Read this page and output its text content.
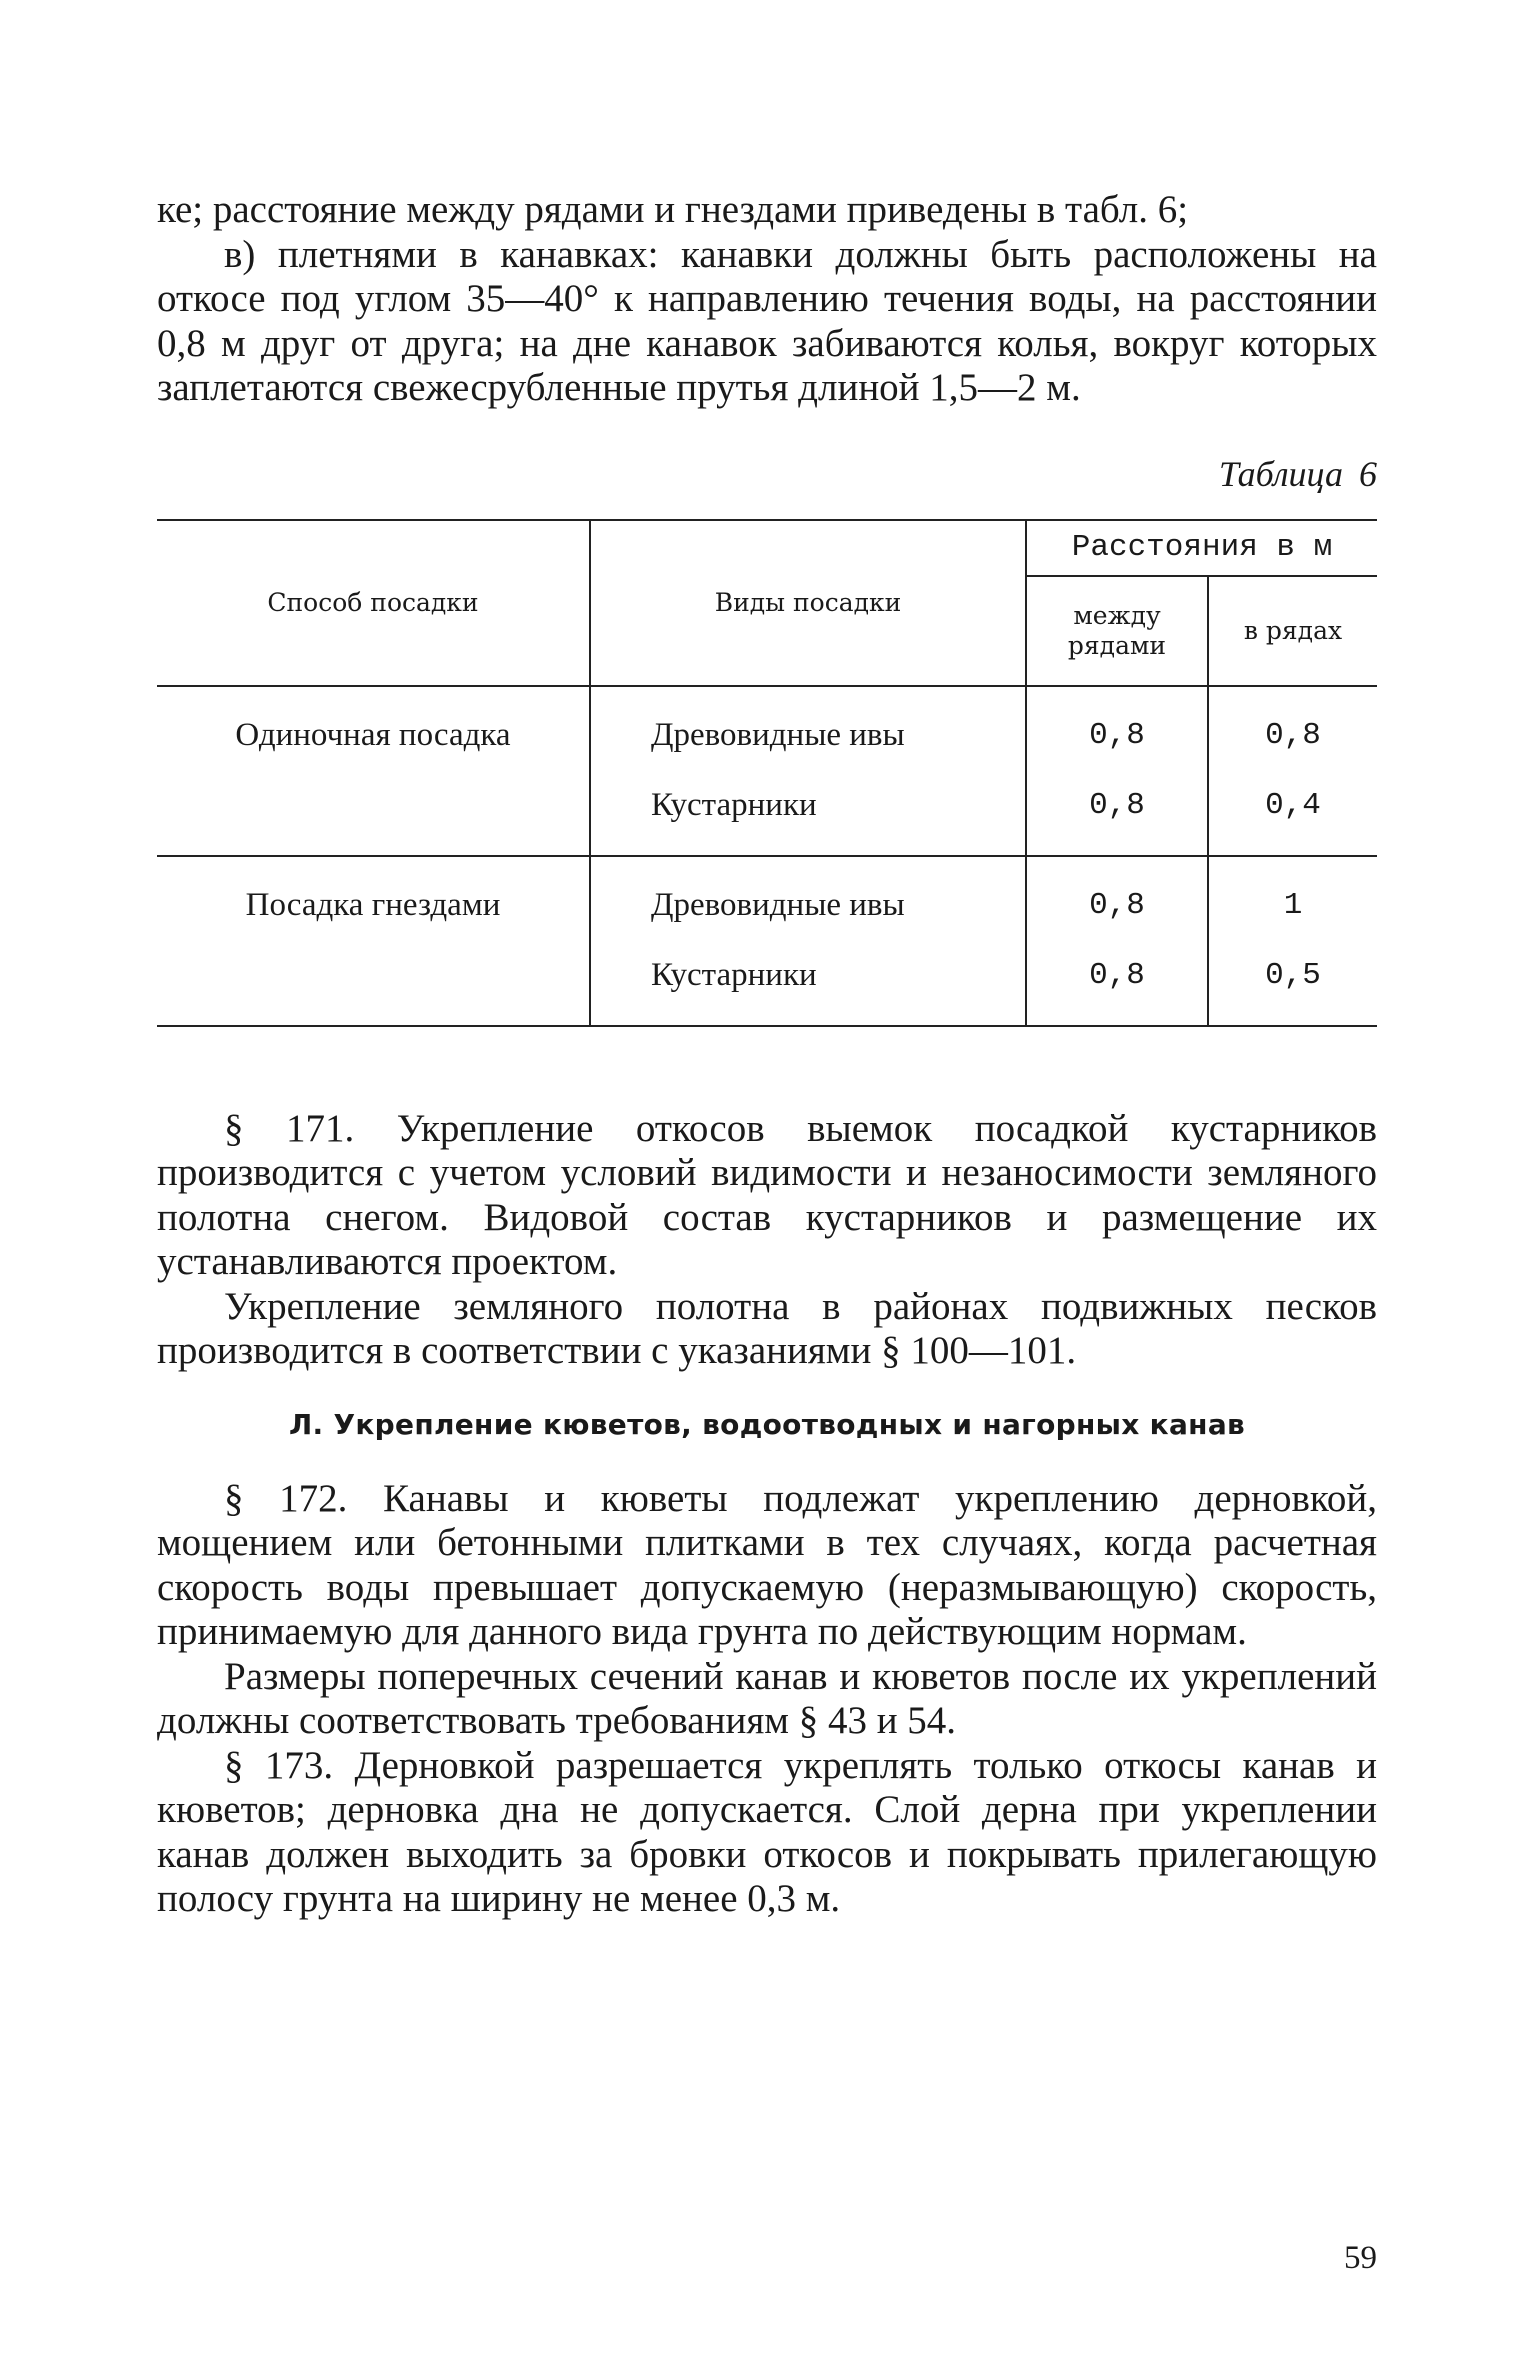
ке; расстояние между рядами и гнездами приведены в табл. 6;

в) плетнями в канавках: канавки должны быть расположены на откосе под углом 35—40° к направлению течения воды, на расстоянии 0,8 м друг от друга; на дне канавок забиваются колья, вокруг которых заплетаются свежесрубленные прутья длиной 1,5—2 м.

Таблица 6
Способ посадки	Виды посадки	Расстояния в м	
		между рядами	в рядах
Одиночная посадка	Древовидные ивы	0,8	0,8
	Кустарники	0,8	0,4
Посадка гнездами	Древовидные ивы	0,8	1
	Кустарники	0,8	0,5

§ 171. Укрепление откосов выемок посадкой кустарников производится с учетом условий видимости и незаносимости земляного полотна снегом. Видовой состав кустарников и размещение их устанавливаются проектом.

Укрепление земляного полотна в районах подвижных песков производится в соответствии с указаниями § 100—101.

Л. Укрепление кюветов, водоотводных и нагорных канав

§ 172. Канавы и кюветы подлежат укреплению дерновкой, мощением или бетонными плитками в тех случаях, когда расчетная скорость воды превышает допускаемую (неразмывающую) скорость, принимаемую для данного вида грунта по действующим нормам.

Размеры поперечных сечений канав и кюветов после их укреплений должны соответствовать требованиям § 43 и 54.

§ 173. Дерновкой разрешается укреплять только откосы канав и кюветов; дерновка дна не допускается. Слой дерна при укреплении канав должен выходить за бровки откосов и покрывать прилегающую полосу грунта на ширину не менее 0,3 м.

59
